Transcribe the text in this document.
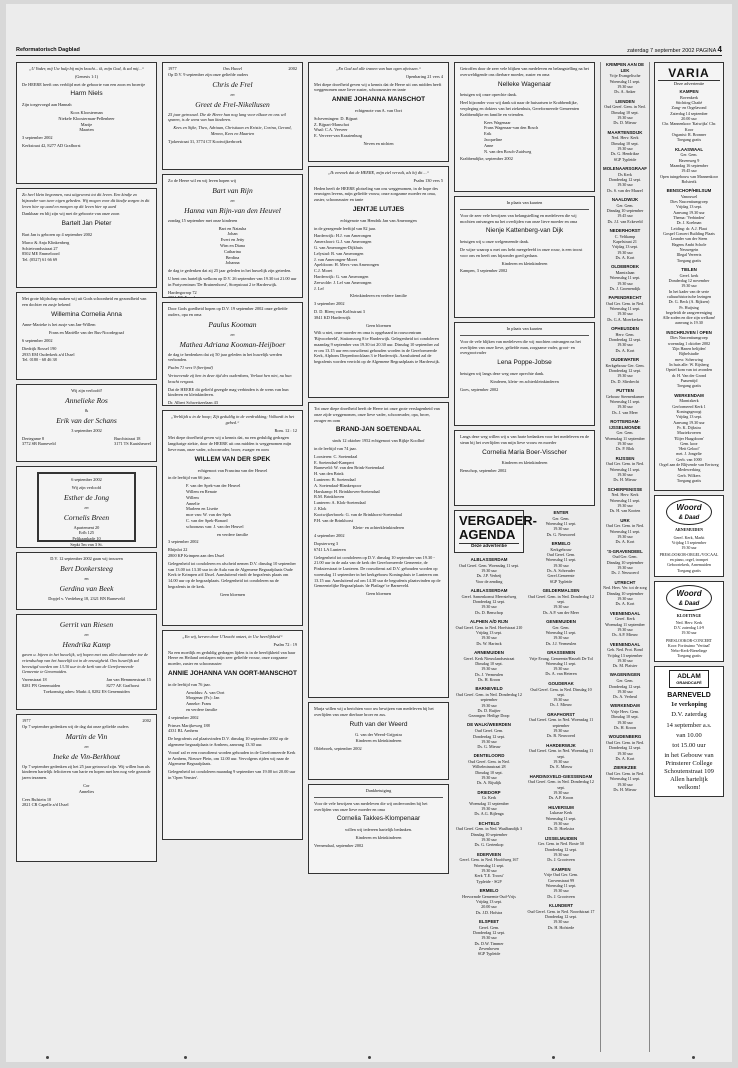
Reformatorisch Dagblad	zaterdag 7 september 2002 PAGINA 4

„U Vader, mij Uw hulp bij mijn kracht... ik, mijn God, ik zal mij...“

(Genesis 1:1)

De HEERE heeft ons verblijd met de geboorte van een zoon en broertje

Harm Niels

Zijn toegevoegd aan Hannah

Koos Kloosterman
Niekele Kloosterman-Pellenbeer
Marije
Maarten

3 september 2002

Kerkstraat 42, 8277 AD Grafhorst

Zo heel klein begonnen, vast uitgeworst tot dit leven. Een kindje zo bijzonder van twee eigen gebeden. Wij mogen voor dit kindje zorgen in dit leven hier op aard en morgen op dit leven hier op aard

Dankbaar en blij zijn wij met de geboorte van onze zoon

Bartelt Jan Pieter

Bart Jan is geboren op 4 september 2002

Marco & Anja Klinkenberg
Schietvondsstraat 27
8502 ME Emmeloord
Tel. (0527) 61 66 69

Met grote blijdschap maken wij uit Gods schoonheid en gezondheid van een dochter en zusje bekend

Willemina Cornelia Anna

Anne-Marieke is het zusje van Jan-Willem

Frans en Mariëlle van der Bus-Noordegraaf

6 september 2002

Diedrijk Rossel 190
2935 EM Ouderkerk a/d IJssel
Tel. 0180 - 68 46 38

Wij zijn verloofd!

Annelieke Ros
&
Erik van der Schans

3 september 2002

Dertegame 8
3772 SB Barneveld
Burchtstraat 18
3171 TS Kaatsheuvel

6 september 2002

Wij zijn verloofd

Esther de Jong
en
Cornelis Breen

Apartement 20
Erfh 125
Pelikaankade 10
Sepkt 5m van 3 St.

D.V. 12 september 2002 gaan wij trouwen

Bert Donkersteeg
en
Gerdina van Beek

Dopjel v. Vredeberg 18, 2321 BN Barneveld

Gerrit van Riesen
en
Hendrika Kamp

gaven u. bijeen in het huwelijk, wij hopen met ons allen daaronder toe de vriendschap van het huwelijk tot in de eeuwigheid. Ons huwelijk zal bevestigd worden om 13.30 uur in de kerk van de Gereformeerde Gemeente te Genemuiden.

Varenstraat 18
8281 PN Genemuiden
Jan van Hemmenstraat 15
8277 AE Grafhorst

Toekomstig adres: Markt 4, 8282 ES Genemuiden

1977	2002

Op 7 september gedenken wij de dag dat onze geliefde ouders

Martin de Vin
en
Ineke de Vin-Berkhout

Op 7 september gedenken zij het 25 jaar getrouwd zijn. Wij willen hun als kinderen hartelijk feliciteren van harte en hopen met hen nog vele gezonde jaren tezamen.

Cor
Annelies

Cees Bulstein 10
2821 CR Capelle a/d IJssel

1977	Ons Huwel	2002

Op D.V. 9 september zijn onze geliefde ouders

Chris de Frel
en
Greet de Frel-Nikellusen

25 jaar getrouwd. Die de Heere hun nog lang voor elkaar en ons wil sparen, is de wens van hun kinderen.

Kees en Sijke, Theo, Adriaan, Christiaan en Kristie, Corina, Gerard, Menno, Kees en Maarten

Tjokerstraat 31, 3774 CT Kootwijkerbroek

Zo de Heere wil en wij leven hopen wij

Bart van Rijn
en
Hanna van Rijn-van den Heuvel

zondag 15 september met onze kinderen

Bart en Natasha
Johan
Evert en Jetty
Wim en Diana
Catharina
Berdina
Johanna

de dag te gedenken dat zij 25 jaar geleden in het huwelijk zijn getreden.

U bent ons hartelijk welkom op D.V. 26 september van 19.30 tot 21.00 uur in Partycentrum 'De Bruinenhorst', Stoepstraat 2 te Harderwijk.

Hardergorrop 72
3851 EN Ermelo

Door Gods goedheid hopen op D.V. 19 september 2002 onze geliefde ouders, opa en oma

Paulus Kooman
en
Mathea Adriana Kooman-Heijboer

de dag te herdenken dat zij 50 jaar geleden in het huwelijk werden verbonden.

Psalm 71 vers 9 (berijmd)

Vertoevende zij hen in deze tijd des ouderdoms, Verlaat hen niet, nu hun kracht vergaat.

Dat de HEERE dit geliefd gezegde mag verbinden is de wens van hun kinderen en kleinkinderen.

Dr. Albert Schweitzerlaan 43

„Verblijdt u in de hoop; Zijt geduldig in de verdrukking; Volhardt in het gebed.“

Rom. 12 : 12

Met diepe droefheid geven wij u kennis dat, na een geduldig gedragen langdurige ziekte, door de HEERE uit ons midden is weggenomen mijn lieve man, onze vader, schoonvader, broer, zwager en oom

WILLEM VAN DER SPEK

echtgenoot van Francina van der Heuvel

in de leeftijd van 66 jaar.

F. van der Spek-van der Heuvel
Willem en Renate
Willem
Annelie
Marleen en Lisette
moe van: W. van der Spek
C. van der Spek-Bonard
schoonzus van: J. van der Heuvel

en verdere familie

3 september 2002

Rhijnlot 22
2800 KP Krimpen aan den IJssel

Gelegenheid tot condoleren en afscheid nemen D.V. dinsdag 10 september van 13.00 tot 13.30 uur in de Aula van de Algemene Begraafplaats Oude Kerk te Krimpen a/d IJssel. Aansluitend vindt de begrafenis plaats om 14.00 uur op de begraafplaats. Gelegenheid tot condoleren na de begrafenis in de kerk.

Geen bloemen

„En wij, kerven door U'kracht ontzet, in Uw heerlijkheid“

Psalm 72 : 19

Na een moeilijk en geduldig gedragen lijden is in de heerlijkheid van haar Heere en Heiland ontslapen mijn zeer geliefde vrouw, onze zorgzame moeder, zuster en schoonzuster

ANNIE JOHANNA VAN OORT-MANSCHOT

in de leeftijd van 76 jaar.

Arnoldus: A. van Oort
Morgenar (Fr.): Jan
Anneke: Frans
en verdere familie

4 september 2002

Prinses Marijkeweg 188
4331 BL Arnhem

De begrafenis zal plaatsvinden D.V. dinsdag 10 september 2002 op de algemene begraafplaats te Arnhem, aanvang 13.30 uur.

Vooraf zal er een rouwdienst worden gehouden in de Gereformeerde Kerk te Arnhem, Nieuwe Plein, om 12.00 uur. Vervolgens rijden wij naar de Algemene Begraafplaats.

Gelegenheid tot condoleren maandag 9 september van 19.00 tot 20.00 uur in 'Open Venster'.

„En God zal alle tranen van hun ogen afwissen.“

Openbaring 21 vers 4

Met diepe droefheid geven wij u kennis dat de Heere uit ons midden heeft weggenomen onze lieve zuster, schoonzuster en tante

ANNIE JOHANNA MANSCHOT

echtgenote van A. van Oort

Scheveningen: D. Bijpart
Z. Bijpart-Manschot
Waal: C.A. Verveer
E. Verveer-van Kraaienburg

Neven en nichten

„Ik verzoek dat de HEERE, mijn ziel vervult, als hij dit ...“

Psalm 130 vers 5

Heden heeft de HEERE plotseling van ons weggenomen, in de hope des eeuwigen levens, mijn geliefde vrouw, onze zorgzame moeder en oma, zuster, schoonzuster en tante

JENTJE LUTJES

echtgenote van Hendrik Jan van Amerongen

in de gezegende leeftijd van 82 jaar.

Harderwijk: H.J. van Amerongen
Amersfoort: G.J. van Amerongen
G. van Amerongen-Dijkhuis
Lelystad: B. van Amerongen
J. van Amerongen-Moret
Apeldoorn: H. Mevr.-van Amerongen
C.J. Moret
Harderwijk: G. van Amerongen
Zeewolde: J. Lef van Amerongen
J. Lef

Kleinkinderen en verdere familie

3 september 2002

D. D. Bleeq van Kolfsstraat 3
3841 KD Harderwijk

Geen bloemen

Wilt u niet, onze moeder en oma is opgebaard in rouwcentrum 'Bijvoorbeeld', Stationsweg 8 te Harderwijk. Gelegenheid tot condoleren maandag 9 september van 19.30 tot 20.30 uur. Dinsdag 10 september zal er om 13.15 uur een rouwdienst gehouden worden in de Gereformeerde Kerk, Alphons Diepenbrocklaan 3 te Harderwijk. Aansluitend zal de begrafenis worden verricht op de Algemene Begraafplaats te Harderwijk.

Tot onze diepe droefheid heeft de Heere tot onze grote verslagenheid van onze zijde weggenomen, onze lieve vader, schoonvader, opa, broer, zwager en oom

BRAND-JAN SOETENDAAL

sinds 12 oktober 1952 echtgenoot van Rijkje Koolhof

in de leeftijd van 74 jaar.

Loosteren: C. Soetendaal
E. Soetendaal-Kampert
Barneveld: W. van den Brink-Soetendaal
H. van den Brink
Lunteren: B. Soetendaal
A. Soetendaal-Blankespoor
Harskamp: H. Brinkhoven-Soetendaal
B.M. Brinkhoven
Lunteren: A. Klok-Soetendaal
J. Klok
Kootwijkerbroek: G. van de Brinkhorst-Soetendaal
P.H. van de Brinkhorst

Klein- en achterkleinkinderen

4 september 2002

Dopsterweg 3
6741 LA Lunteren

Gelegenheid tot condoleren op D.V. dinsdag 10 september van 19.30 - 21.00 uur in de aula van de kerk der Gereformeerde Gemeente, de Pinksterstraat te Lunteren. De rouwdienst zal D.V. gehouden worden op woensdag 11 september in het kerkgebouw Koningshuis te Lunteren om 13.15 uur. Aansluitend zal om 14.30 uur de begrafenis plaatsvinden op de Gemeentelijke Begraafplaats 'de Platlage' te Barneveld.

Geen bloemen

Marja willen wij u berichten voor uw bewijzen van medeleven bij het overlijden van onze dierbare broer en zus.

Ruth van der Weerd

G. van der Weerd-Grijpstra
Kinderen en kleinkinderen

Oldebroek, september 2002

Dankbetuiging

Voor de vele bewijzen van medeleven die wij ondervonden bij het overlijden van onze lieve moeder en oma

Cornelia Takkes-Klompenaar

willen wij iedereen hartelijk bedanken.

Kinderen en kleinkinderen

Veenendaal, september 2002

Getroffen door de zeer vele blijken van medeleven en belangstelling na het overweldigende ons dierbare moeder, zuster en oma

Nelleke Wagenaar

betuigen wij onze oprechte dank.

Heel bijzonder voor wij dank uit naar de huisartsen te Krabbendijke, verpleging en dokters van het ziekenhuis, Gereformeerde Gemeenten Krabbendijke en familie en vrienden.

Kees Wagenaar
Frans Wagenaar-van den Bosch
Erik
Jacqueline
Anne
N. van den Bosch-Zuidweg

Krabbendijke, september 2002

In plaats van kaarten

Voor de zeer vele bewijzen van belangstelling en medeleven die wij mochten ontvangen na het overlijden van onze lieve moeder en oma

Nienje Kattenberg-van Dijk

betuigen wij u onze welgemeende dank.

De wijze waarop u met ons hebt meegeleefd in onze rouw, is een troost voor ons en heeft ons bijzonder goed gedaan.

Kinderen en kleinkinderen

Kampen, 3 september 2002

In plaats van kaarten

Voor de vele blijken van medeleven die wij mochten ontvangen na het overlijden van onze lieve, geliefde man, zorgzame vader, groot- en overgrootvader

Lena Poppe-Jobse

betuigen wij langs deze weg onze oprechte dank.

Kinderen, klein- en achterkleinkinderen

Goes, september 2002

Langs deze weg willen wij u van harte bedanken voor het medeleven en de steun bij het overlijden van mijn lieve vrouw en moeder

Cornelia Maria Boer-Visscher

Kinderen en kleinkinderen

Benschop, september 2002

VERGADER-
AGENDA
Deze advertentie
ALBLASSERDAM
Oud Geref. Gem. Woensdag 11 sept.
19.30 uur
Ds. J.P. Verheij
Voor de zending
ALBLASSERDAM
Geref. Samenkomst Meerstelweg
Donderdag 12 sept.
19.30 uur
Ds. D. Benschop
ALPHEN A/D RIJN
Oud Geref. Gem. in Ned. Hoefstraat 210
Vrijdag 13 sept.
19.30 uur
Ds. W. Harinck
ARNEMUIDEN
Geref. Kerk Nieuwlandsestraat
Dinsdag 10 sept.
19.30 uur
Ds. J. Vermeulen
Ds. H. Kroon
BARNEVELD
Oud Geref. Gem. in Ned. Donderdag 12 september
19.30 uur
Ds. D. Ruijter
Gezongen: Heilige Doop
DE WALK/WEERDEN
Oud Geref. Gem.
Donderdag 12 sept.
19.30 uur
Ds. G. Mieuw
DENTELOORD
Oud Geref. Gem. in Ned.
Wilhelminastraat 28
Dinsdag 10 sept.
19.30 uur
Ds. A. Rijsdijk
DRIEDORP
Gr. Kerk
Woensdag 11 september
19.30 uur
Ds. A.G. Bijlenga
ECHTELD
Oud Geref. Gem. in Ned. Waalbandijk 3
Dinsdag 10 september
19.30 uur
Ds. G. Gertenkop
EDERVEEN
Geref. Gem. in Ned. Hoofdweg 167
Woensdag 11 sept.
19.30 uur
Kerk 'T.E. Troost'
Typleide - SGP
ERMELO
Hervormde Gemeente Oud-Vrijs
Vrijdag 13 sept.
20.00 uur
Ds. J.D. Hofstra
ELSPEET
Geref. Gem.
Donderdag 12 sept.
19.30 uur
Ds. D.W. Timmer
Zevenhoven
SGP Typleide
ENTER
Ger. Gem.
Woensdag 11 sept.
19.30 uur
Ds. G. Neuwoerd
ERMELO
Kerkgebouw
Oud Geref. Gem.
Woensdag 11 sept.
19.30 uur
Ds. A. Schreuder
Geref.Gemeente
SGP Typleide
GELDERMALSEN
Oud Geref. Gem. in Ned. Donderdag 12 sept.
19.30 uur
Ds. A.P. van der Meer
GENEMUIDEN
Ger. Gem.
Woensdag 11 sept.
19.30 uur
Ds. J.J. Vermeulen
GRASSEMEN
Vrije Evang. Gemeente/Hasselt De Tol
Woensdag 11 sept.
19.30 uur
Ds. A. van Heteren
GOUDERAK
Oud Geref. Gem. in Ned. Dinsdag 10 sept.
19.30 uur
Ds. J. Mieuw
GRAFHORST
Oud Geref. Gem. in Ned. Woensdag 11 september
19.30 uur
Ds. B. Neuwoerd
HARDERWIJK
Oud Geref. Gem. in Ned. Woensdag 11 sept.
19.30 uur
Ds. E. Mieuw
HARDINXVELD-GIESSENDAM
Oud Geref. Gem. in Ned. Donderdag 12 sept.
19.30 uur
Ds. A.P. Kroon
HILVERSUM
Lukasse Kerk
Woensdag 11 sept.
19.30 uur
Ds. D. Hoekstra
IJSSELMUIDEN
Ger. Gem. in Ned. Boxte 50
Donderdag 12 sept.
19.30 uur
Ds. J. Grootveen
KAMPEN
Vrije Oud Ger. Gem.
Grovenstraat 99
Woensdag 11 sept.
19.30 uur
Ds. J. Grootveen
KLUNDERT
Oud Geref. Gem. in Ned. Noordstraat 17
Donderdag 12 sept.
19.30 uur
Ds. H. Hofstede
KRIMPEN AAN DE LEK
Vrije Evangelische Woensdag 11 sept.
19.30 uur
Ds. A. Anker
LIENDEN
Oud Geref. Gem. in Ned. Dinsdag 10 sept.
19.30 uur
Ds. D. Mieuw
MAARTENSDIJK
Ned. Herv. Kerk
Dinsdag 10 sept.
19.30 uur
Ds. G. Hendrikse
SGP Typleide
MOLENAARSGRAAF
Ds Kerk
Donderdag 12 sept.
19.30 uur
Ds. S. van der Maarel
NAALDWIJK
Ger. Gem.
Dinsdag 10 september
19.45 uur
Ds. J.J. van Eckeveld
NEDERHORST
C. Veltkamp
Kapelstraat 21
Vrijdag 13 sept.
19.30 uur
Ds. A. Kort
OLDEBROEK
Marnixlaan
Woensdag 11 sept.
19.30 uur
Ds. J. Groenendijk
PAPENDRECHT
Oud Ger. Gem. in Ned.
Woensdag 11 sept.
19.30 uur
Ds. G.A. Moerkerken
OPHEUSDEN
Herv. Gem.
Donderdag 12 sept.
19.30 uur
Ds. A. Kort
OUDEWATER
Kerkgebouw Ger. Gem.
Donderdag 12 sept.
19.30 uur
Ds. D. Sliedrecht
PUTTEN
Gebouw Steenenkamer
Woensdag 11 sept.
19.30 uur
Ds. J. van Meer
ROTTERDAM-IJSSELMONDE
Ger. Gem.
Woensdag 11 september
19.30 uur
Ds. P. Blok
RIJSSEN
Oud Ger. Gem. in Ned.
Woensdag 11 sept.
19.30 uur
Ds. H. Mieuw
SCHERPENISSE
Ned. Herv. Kerk
Woensdag 11 sept.
19.30 uur
Ds. H. van Kooten
URK
Oud Ger. Gem. in Ned.
Woensdag 11 sept.
19.30 uur
Ds. A. Kort
'S-GRAVENDEEL
Oud Ger. Gem.
Dinsdag 10 september
19.30 uur
Ds. J. Neuwoerd
UTRECHT
Ned. Herv. Ver. tot de zorg
Dinsdag 10 september
19.30 uur
Ds. A. Kort
VEENENDAAL
Geref. Kerk
Woensdag 11 september
19.30 uur
Ds. A.P. Mieuw
VEENENDAAL
Geb. Ned. Prot. Bond
Vrijdag 13 september
19.30 uur
Ds. M. Plaisier
WAGENINGEN
Ger. Gem.
Donderdag 12 sept.
19.30 uur
Ds. A. Verheul
WERKENDAM
Vrije Herv. Gem.
Dinsdag 10 sept.
19.30 uur
Ds. H. Kroon
WOUDENBERG
Oud Ger. Gem. in Ned.
Donderdag 12 sept.
19.30 uur
Ds. A. Kort
ZIERIKZEE
Oud Ger. Gem. in Ned.
Woensdag 11 sept.
19.30 uur
Ds. H. Mieuw
VARIA
Deze advertentie
KAMPEN
Bovenkerk
Stichting Chaïté
Zang- en Orgelavond
Zaterdag 14 september
20.00 uur
Chr. Mannenkoor 'Katwijks' Chr. Koor
Organist: R. Bronner
Toegang gratis
KLAASWAAL
Ger. Gem.
Havenweg 9
Maandag 16 september
19.45 uur
Open tuingebouw van Mannenkoor Bolsterik
BENSCHOP/HELSUM
Vanouwel
Dies Nascentiumgroep
Vrijdag 13 sept.
Aanvang 19.30 uur
Thema: 'Verbinden'
Dr. J. Koelman
Leiding: dr. A.J. Plaat
Gospel Concert Building Plaats
Leander van der Steen
Hagens Ambt Schole
Neuwegein
Illegal Vereerts
Toegang gratis
TIELEN
Geref. kerk
Donderdag 12 november
19.30 uur
In het kader van de serie cultuurhistorische lezingen
Dr. G. Beck (A. Rijksen)
Pr. Huijsing
begeleidt de zangvereniging
Alle zoden en dire zijn welkom!
aanvang is 19.30
INSCHRIJVEN / OPEN
Dies Nascentiumgroep
woensdag 1 oktober 2002
'Zijn Hanen belijden'
Bijbelstudie
mevr. Scherwing
In huis alle: W. Rijsberg
Opstel kom van tot avonden
dr. H. Van der Grond
Paasentijd
Toegang gratis
WERKENDAM
Marnixkerk
Gerformeerd Kerk 1
Koningsgeoogt
Vrijdag 13 sept.
Aanvang 19.30 uur
Pr. K. Dijkstra
Muziekvoeren
'Elijer Haagdoorn'
Gem. koor
'Heit Geloof'
met. J. Jongelie
Gerb. van 1000
Orgel aan de Blijvende van Eertweg
Medewerking
Gerb. Wilkers
Toegang gratis
Woord
& Daad
ARNEMUIDEN
Geref. Kerk, Markt
Vrijdag 13 september
19.30 uur
PRESLOOKOR-ORGEL/VOCAAL
en piano, orgel, trompet
Geboortekerk, Arnemuiden
Toegang gratis
Woord
& Daad
KLOETINGE
Ned. Herv. Kerk
D.V. zaterdag 14-9
19.30 uur
PRESLOOKOR-CONCERT
Koor: Fortissimo 'Veritaal'
Nebo-Kerk-Biezelinge
Toegang gratis
ADLAM
GRANDCAFÉ
BARNEVELD
1e verkoping
D.V. zaterdag
14 september a.s.
van 10.00
tot 15.00 uur
in het Gebouw van
Prinsterer College
Schoutenstraat 109
Allen hartelijk
welkom!
